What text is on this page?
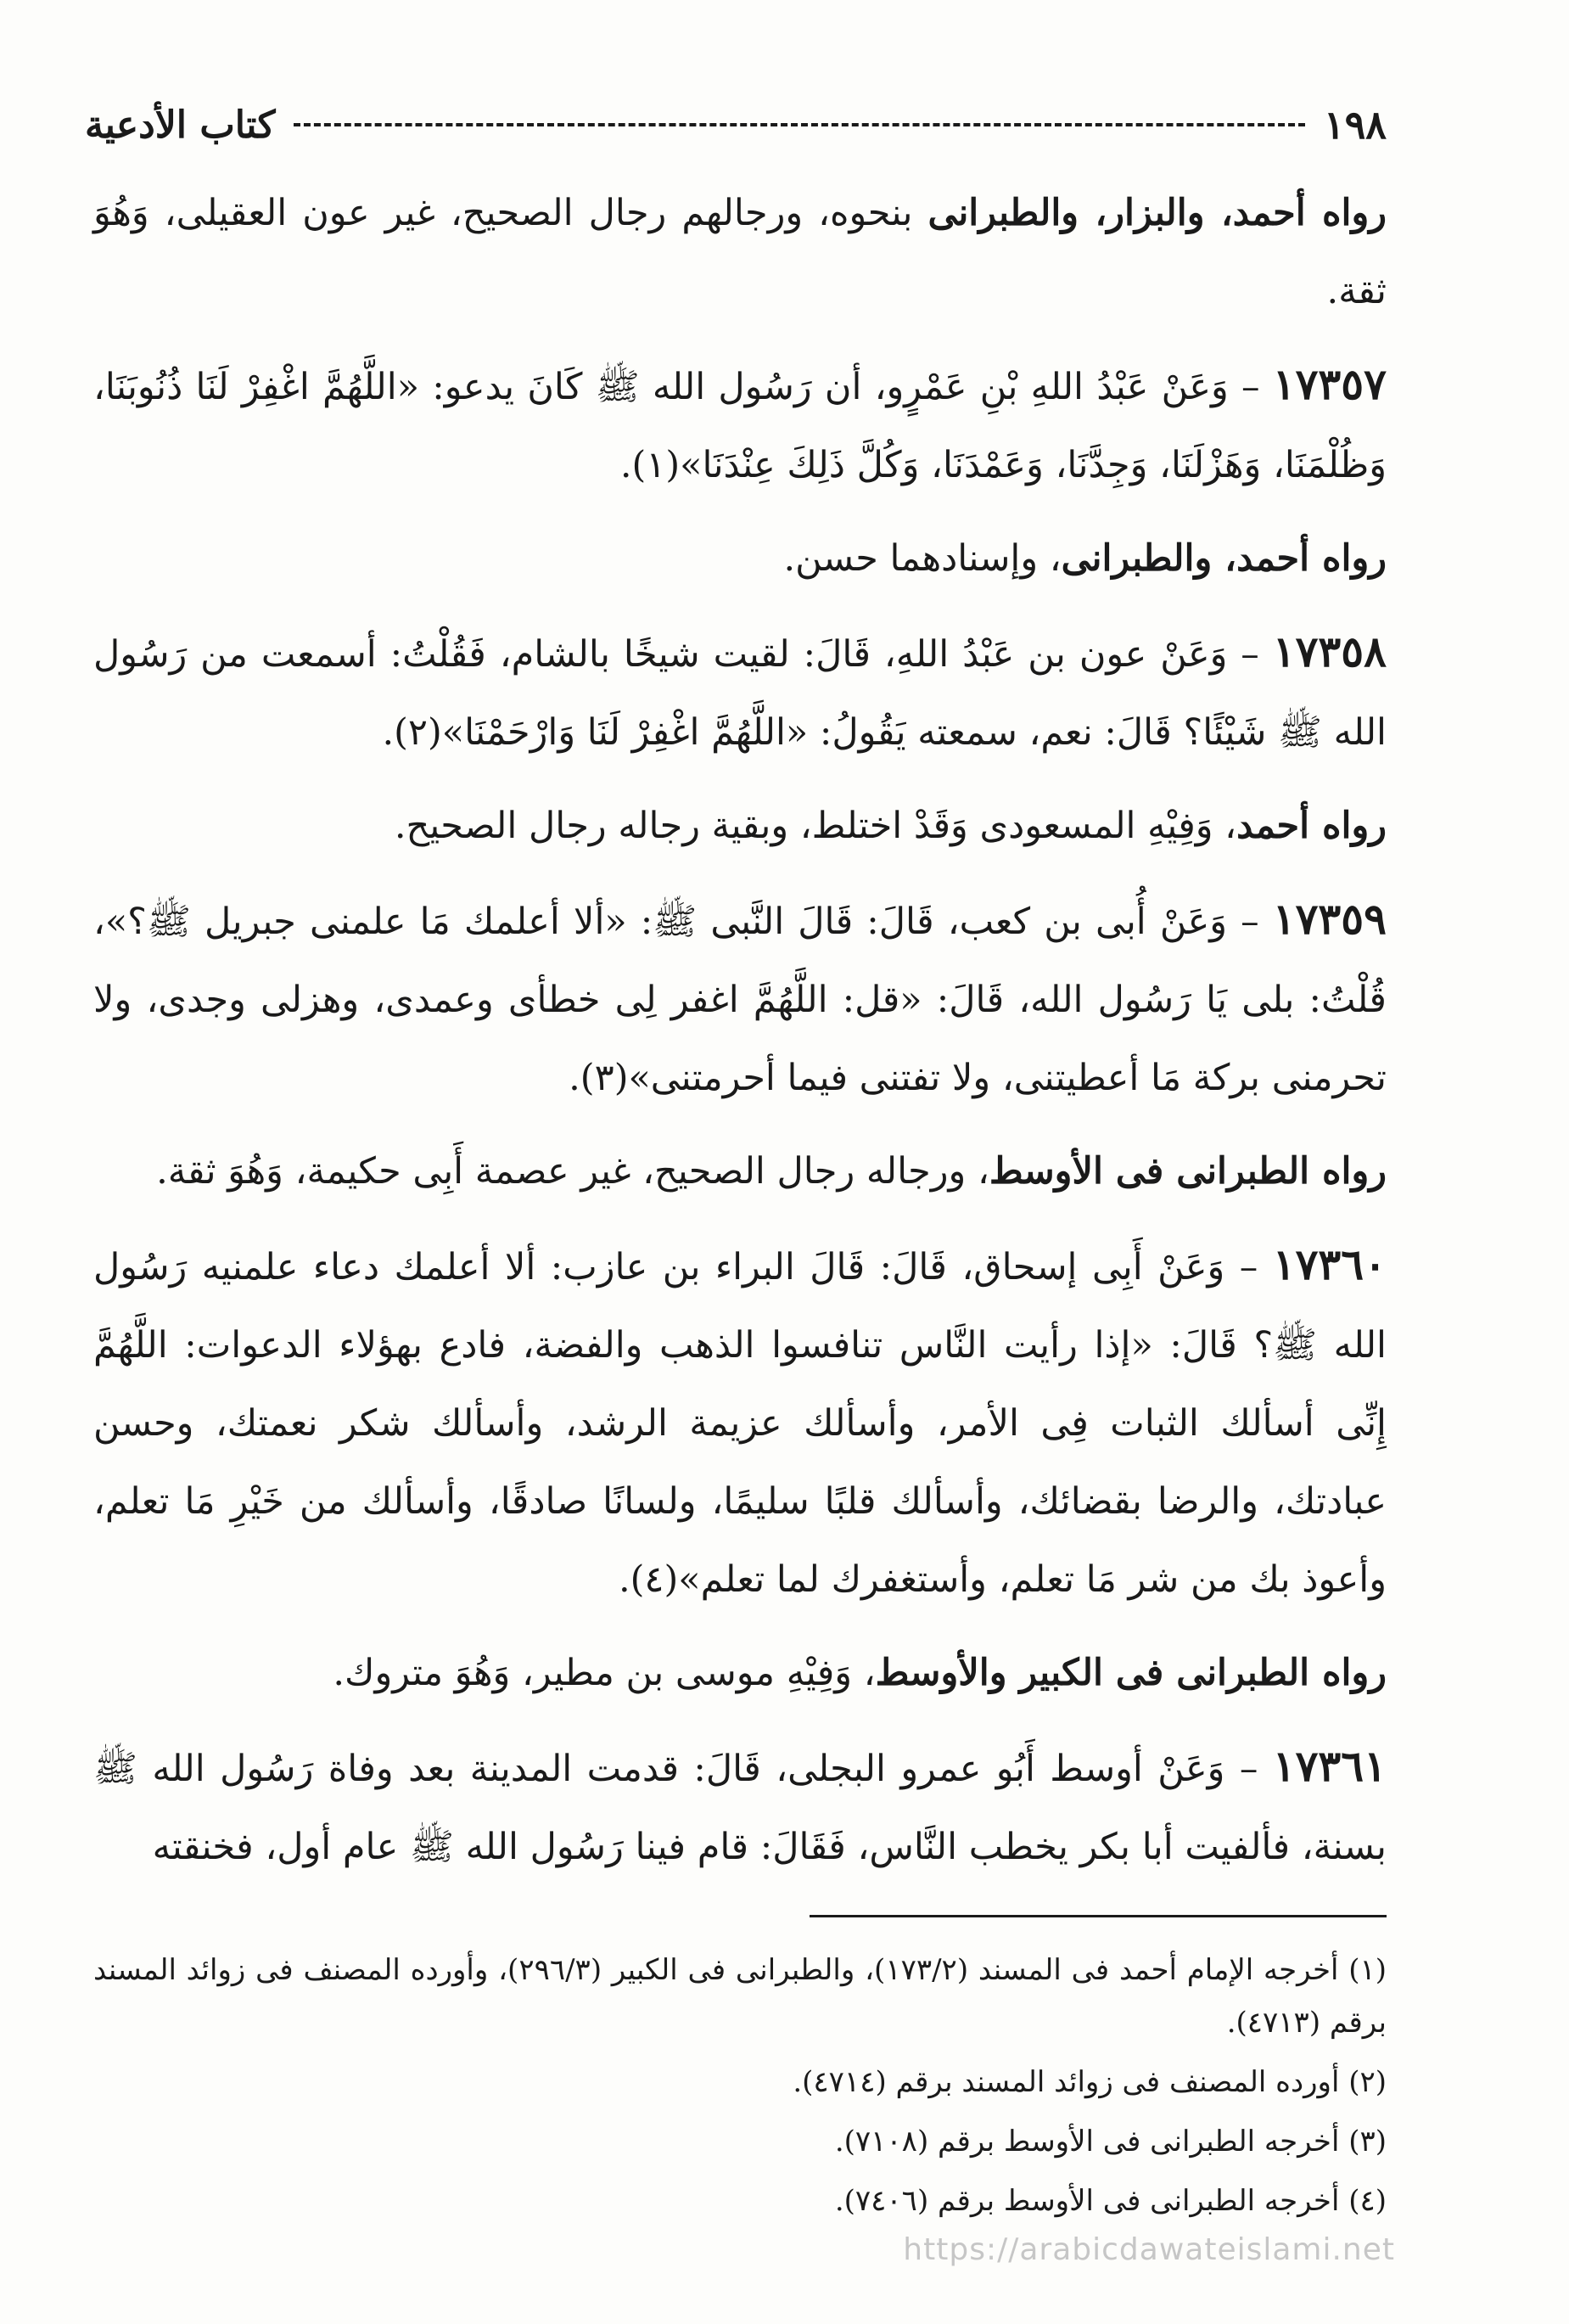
١٩٨
كتاب الأدعية

رواه أحمد، والبزار، والطبرانى بنحوه، ورجالهم رجال الصحيح، غير عون العقيلى، وَهُوَ ثقة.

١٧٣٥٧ – وَعَنْ عَبْدُ اللهِ بْنِ عَمْرٍو، أن رَسُول الله ﷺ كَانَ يدعو: «اللَّهُمَّ اغْفِرْ لَنَا ذُنُوبَنَا، وَظُلْمَنَا، وَهَزْلَنَا، وَجِدَّنَا، وَعَمْدَنَا، وَكُلَّ ذَلِكَ عِنْدَنَا»(١).

رواه أحمد، والطبرانى، وإسنادهما حسن.

١٧٣٥٨ – وَعَنْ عون بن عَبْدُ اللهِ، قَالَ: لقيت شيخًا بالشام، فَقُلْتُ: أسمعت من رَسُول الله ﷺ شَيْئًا؟ قَالَ: نعم، سمعته يَقُولُ: «اللَّهُمَّ اغْفِرْ لَنَا وَارْحَمْنَا»(٢).

رواه أحمد، وَفِيْهِ المسعودى وَقَدْ اختلط، وبقية رجاله رجال الصحيح.

١٧٣٥٩ – وَعَنْ أُبى بن كعب، قَالَ: قَالَ النَّبى ﷺ: «ألا أعلمك مَا علمنى جبريل ﷺ؟»، قُلْتُ: بلى يَا رَسُول الله، قَالَ: «قل: اللَّهُمَّ اغفر لِى خطأى وعمدى، وهزلى وجدى، ولا تحرمنى بركة مَا أعطيتنى، ولا تفتنى فيما أحرمتنى»(٣).

رواه الطبرانى فى الأوسط، ورجاله رجال الصحيح، غير عصمة أَبِى حكيمة، وَهُوَ ثقة.

١٧٣٦٠ – وَعَنْ أَبِى إسحاق، قَالَ: قَالَ البراء بن عازب: ألا أعلمك دعاء علمنيه رَسُول الله ﷺ؟ قَالَ: «إذا رأيت النَّاس تنافسوا الذهب والفضة، فادع بهؤلاء الدعوات: اللَّهُمَّ إِنِّى أسألك الثبات فِى الأمر، وأسألك عزيمة الرشد، وأسألك شكر نعمتك، وحسن عبادتك، والرضا بقضائك، وأسألك قلبًا سليمًا، ولسانًا صادقًا، وأسألك من خَيْرِ مَا تعلم، وأعوذ بك من شر مَا تعلم، وأستغفرك لما تعلم»(٤).

رواه الطبرانى فى الكبير والأوسط، وَفِيْهِ موسى بن مطير، وَهُوَ متروك.

١٧٣٦١ – وَعَنْ أوسط أَبُو عمرو البجلى، قَالَ: قدمت المدينة بعد وفاة رَسُول الله ﷺ بسنة، فألفيت أبا بكر يخطب النَّاس، فَقَالَ: قام فينا رَسُول الله ﷺ عام أول، فخنقته

(١) أخرجه الإمام أحمد فى المسند (١٧٣/٢)، والطبرانى فى الكبير (٢٩٦/٣)، وأورده المصنف فى زوائد المسند برقم (٤٧١٣).

(٢) أورده المصنف فى زوائد المسند برقم (٤٧١٤).

(٣) أخرجه الطبرانى فى الأوسط برقم (٧١٠٨).

(٤) أخرجه الطبرانى فى الأوسط برقم (٧٤٠٦).

https://arabicdawateislami.net
